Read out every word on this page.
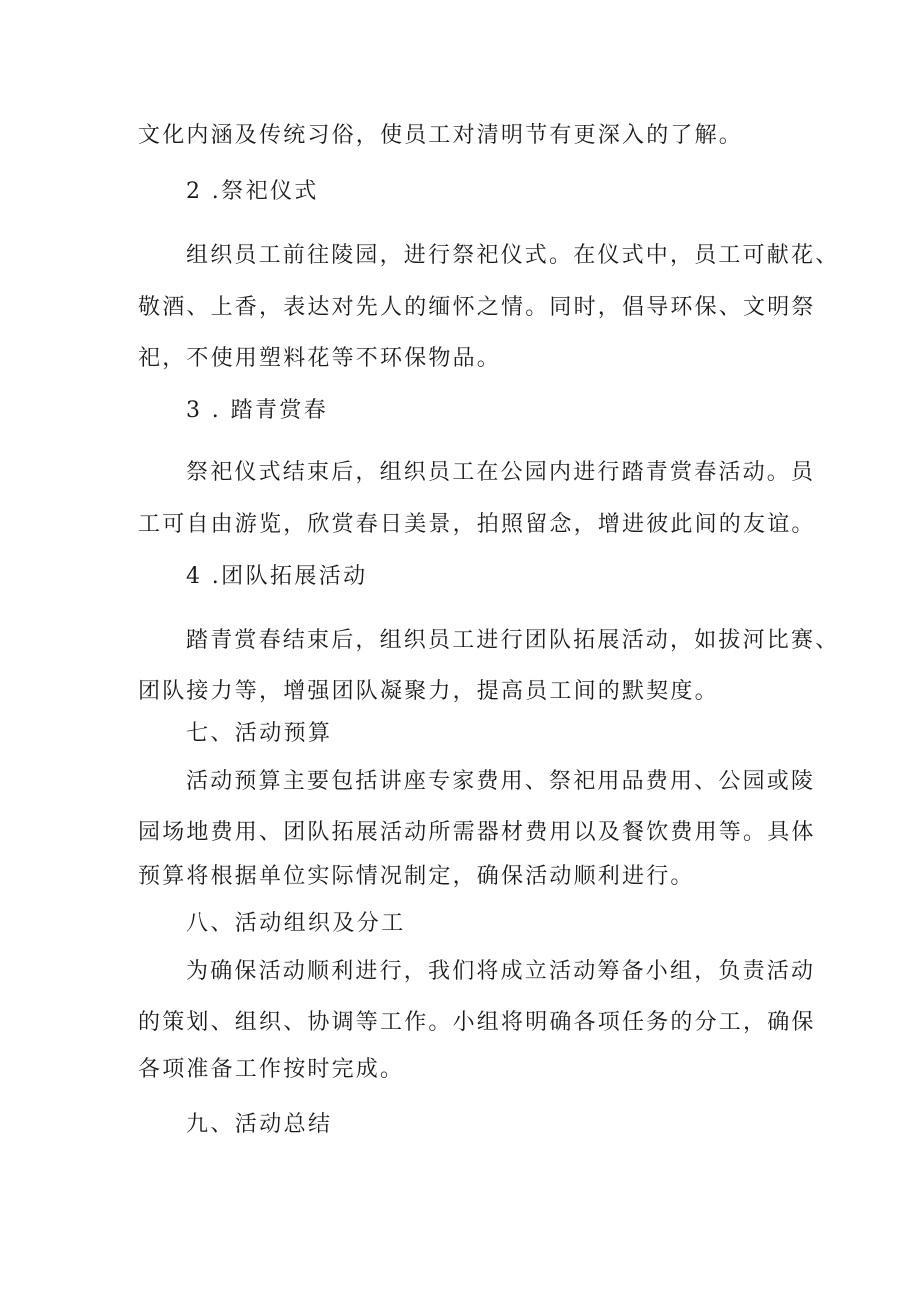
文化内涵及传统习俗，使员工对清明节有更深入的了解。
2 .祭祀仪式
组织员工前往陵园，进行祭祀仪式。在仪式中，员工可献花、
敬酒、上香，表达对先人的缅怀之情。同时，倡导环保、文明祭
祀，不使用塑料花等不环保物品。
3 . 踏青赏春
祭祀仪式结束后，组织员工在公园内进行踏青赏春活动。员
工可自由游览，欣赏春日美景，拍照留念，增进彼此间的友谊。
4 .团队拓展活动
踏青赏春结束后，组织员工进行团队拓展活动，如拔河比赛、
团队接力等，增强团队凝聚力，提高员工间的默契度。
七、活动预算
活动预算主要包括讲座专家费用、祭祀用品费用、公园或陵
园场地费用、团队拓展活动所需器材费用以及餐饮费用等。具体
预算将根据单位实际情况制定，确保活动顺利进行。
八、活动组织及分工
为确保活动顺利进行，我们将成立活动筹备小组，负责活动
的策划、组织、协调等工作。小组将明确各项任务的分工，确保
各项准备工作按时完成。
九、活动总结
